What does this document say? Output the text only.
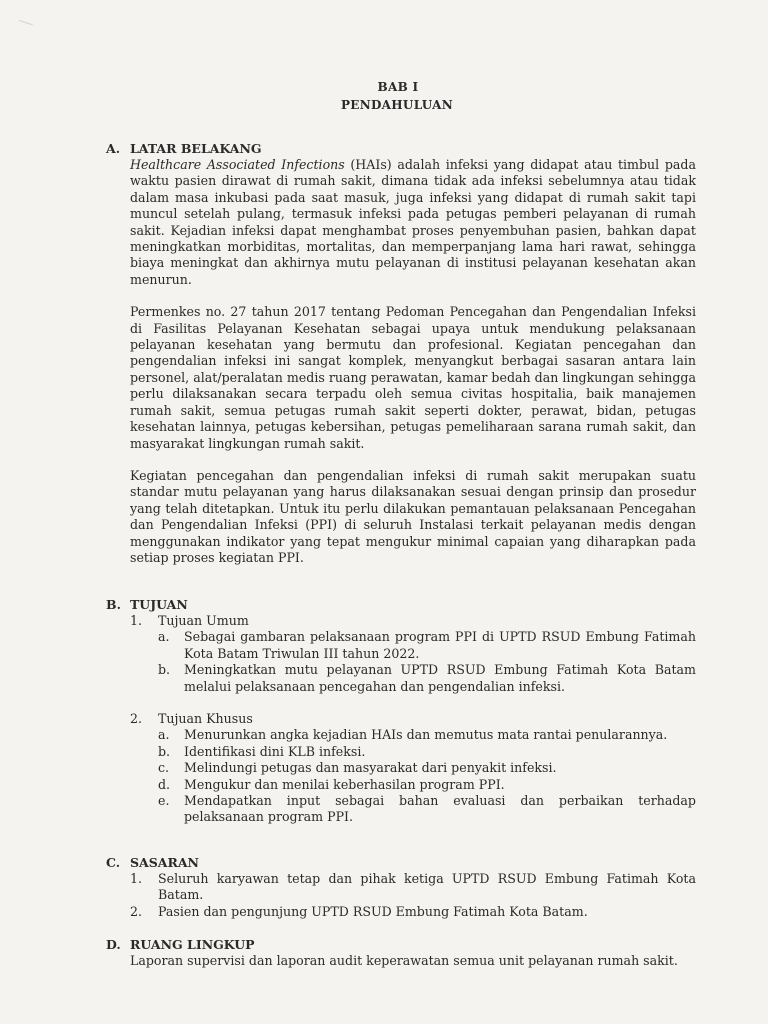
BAB I
PENDAHULUAN
A. LATAR BELAKANG
Healthcare Associated Infections (HAIs) adalah infeksi yang didapat atau timbul pada waktu pasien dirawat di rumah sakit, dimana tidak ada infeksi sebelumnya atau tidak dalam masa inkubasi pada saat masuk, juga infeksi yang didapat di rumah sakit tapi muncul setelah pulang, termasuk infeksi pada petugas pemberi pelayanan di rumah sakit. Kejadian infeksi dapat menghambat proses penyembuhan pasien, bahkan dapat meningkatkan morbiditas, mortalitas, dan memperpanjang lama hari rawat, sehingga biaya meningkat dan akhirnya mutu pelayanan di institusi pelayanan kesehatan akan menurun.
Permenkes no. 27 tahun 2017 tentang Pedoman Pencegahan dan Pengendalian Infeksi di Fasilitas Pelayanan Kesehatan sebagai upaya untuk mendukung pelaksanaan pelayanan kesehatan yang bermutu dan profesional. Kegiatan pencegahan dan pengendalian infeksi ini sangat komplek, menyangkut berbagai sasaran antara lain personel, alat/peralatan medis ruang perawatan, kamar bedah dan lingkungan sehingga perlu dilaksanakan secara terpadu oleh semua civitas hospitalia, baik manajemen rumah sakit, semua petugas rumah sakit seperti dokter, perawat, bidan, petugas kesehatan lainnya, petugas kebersihan, petugas pemeliharaan sarana rumah sakit, dan masyarakat lingkungan rumah sakit.
Kegiatan pencegahan dan pengendalian infeksi di rumah sakit merupakan suatu standar mutu pelayanan yang harus dilaksanakan sesuai dengan prinsip dan prosedur yang telah ditetapkan. Untuk itu perlu dilakukan pemantauan pelaksanaan Pencegahan dan Pengendalian Infeksi (PPI) di seluruh Instalasi terkait pelayanan medis dengan menggunakan indikator yang tepat mengukur minimal capaian yang diharapkan pada setiap proses kegiatan PPI.
B. TUJUAN
1.	Tujuan Umum
a.	Sebagai gambaran pelaksanaan program PPI di UPTD RSUD Embung Fatimah Kota Batam Triwulan III tahun 2022.
b.	Meningkatkan mutu pelayanan UPTD RSUD Embung Fatimah Kota Batam melalui pelaksanaan pencegahan dan pengendalian infeksi.
2.	Tujuan Khusus
a.	Menurunkan angka kejadian HAIs dan memutus mata rantai penularannya.
b.	Identifikasi dini KLB infeksi.
c.	Melindungi petugas dan masyarakat dari penyakit infeksi.
d.	Mengukur dan menilai keberhasilan program PPI.
e.	Mendapatkan input sebagai bahan evaluasi dan perbaikan terhadap pelaksanaan program PPI.
C. SASARAN
1.	Seluruh karyawan tetap dan pihak ketiga UPTD RSUD Embung Fatimah Kota Batam.
2.	Pasien dan pengunjung UPTD RSUD Embung Fatimah Kota Batam.
D. RUANG LINGKUP
Laporan supervisi dan laporan audit keperawatan semua unit pelayanan rumah sakit.
